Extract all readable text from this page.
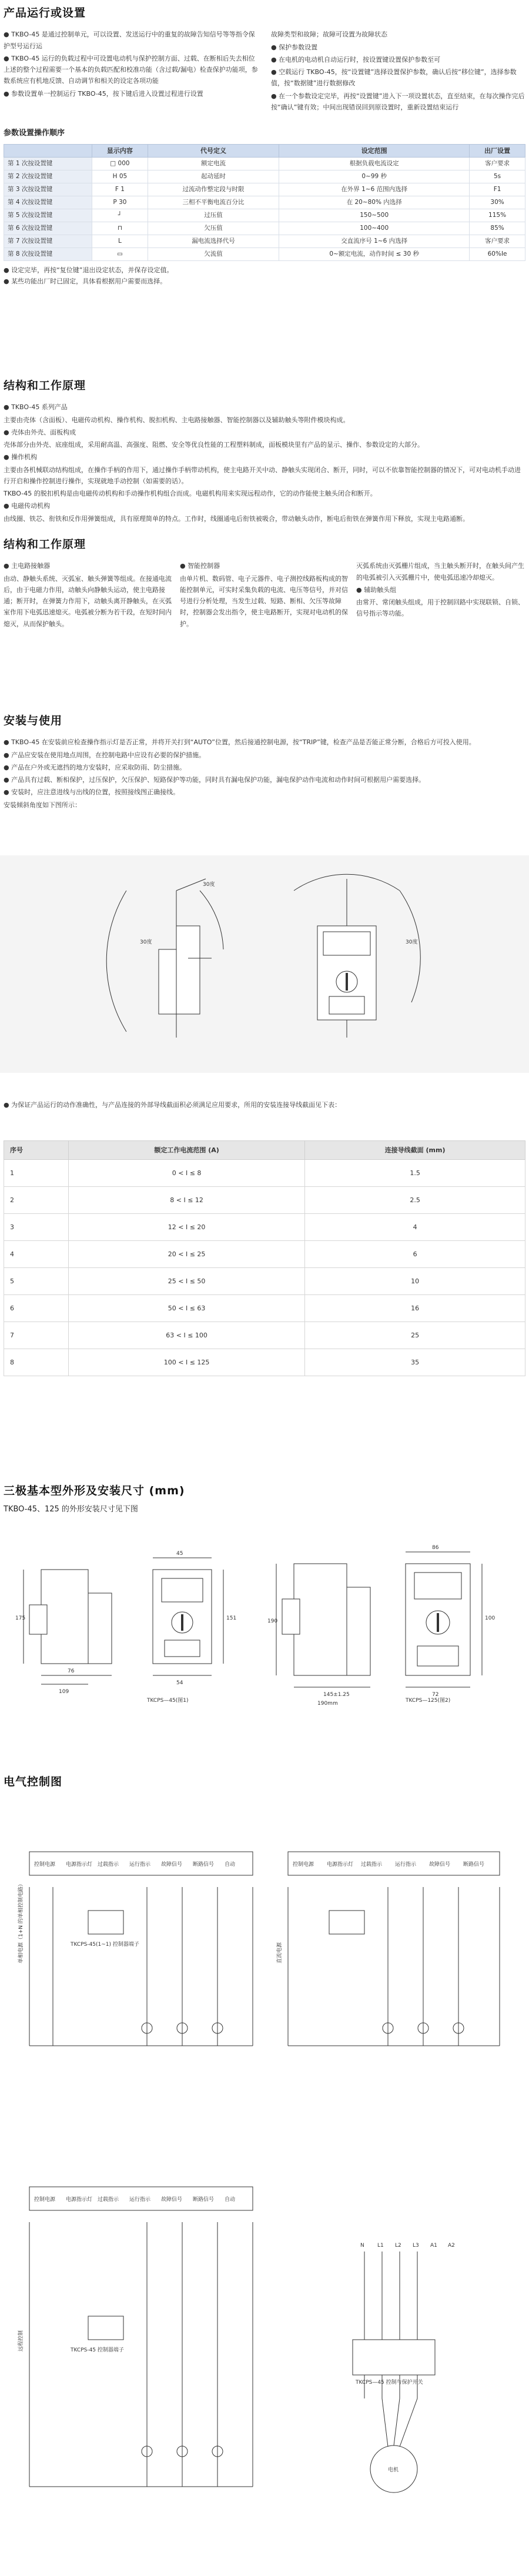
产品运行或设置

● TKBO-45 是通过控制单元，可以设置、发送运行中的重复的故障告知信号等等指令保护型号运行运

● TKBO-45 运行的负载过程中可设置电动机与保护控制方面、过载、在断相后失去相位上述的整个过程需要一个基本的负载匹配和校准功能（含过载/漏电）检查保护功能项，参数系统应有机地反馈、自动调节和相关的设定各项功能

● 参数设置单一控制运行 TKBO-45，按下键后进入设置过程进行设置

故障类型和故障；故障可设置为故障状态

● 保护参数设置

● 在电机的电动机自动运行时，按设置键设置保护参数至可

● 空载运行 TKBO-45，按“设置键”选择设置保护参数，确认后按“移位键”，选择参数值，按“数据键”进行数据修改

● 在一个参数设定完毕，再按“设置键”进入下一项设置状态，直至结束，在每次操作完后按“确认”键有效；中间出现错误回到原设置时，重新设置结束运行

参数设置操作顺序

	显示内容	代号定义	设定范围	出厂设置
第 1 次按设置键	□ 000	额定电流	根据负载电流设定	客户要求
第 2 次按设置键	H 05	起动延时	0~99 秒	5s
第 3 次按设置键	F 1	过流动作整定段与时限	在外界 1~6 范围内选择	F1
第 4 次按设置键	P 30	三相不平衡电流百分比	在 20~80% 内选择	30%
第 5 次按设置键	┘	过压值	150~500	115%
第 6 次按设置键	⊓	欠压值	100~400	85%
第 7 次按设置键	L	漏电流选择代号	交直流序号 1~6 内选择	客户要求
第 8 次按设置键	▭	欠流值	0~额定电流，动作时间 ≤ 30 秒	60%Ie

● 设定完毕，再按“复位键”退出设定状态，并保存设定值。

● 某些功能出厂时已固定，具体看根据用户需要而选择。

结构和工作原理

● TKBO-45 系列产品

主要由壳体（含面板）、电磁传动机构、操作机构、脱扣机构、主电路接触器、智能控制器以及辅助触头等附件模块构成。

● 壳体由外壳、面板构成

壳体部分由外壳、底座组成，采用耐高温、高强度、阻燃、安全等优良性能的工程塑料制成，面板模块里有产品的显示、操作、参数设定的大部分。

● 操作机构

主要由各机械联动结构组成，在操作手柄的作用下，通过操作手柄带动机构，使主电路开关中动、静触头实现闭合、断开，同时，可以不依靠智能控制器的情况下，可对电动机手动进行开启和操作控制进行操作，实现就地手动控制（如需要的话）。

TKBO-45 的脱扣机构是由电磁传动机构和手动操作机构组合而成。电磁机构用来实现远程动作，它的动作能使主触头闭合和断开。

● 电磁传动机构

由线圈、铁芯、衔铁和反作用弹簧组成，具有原理简单的特点。工作时，线圈通电后衔铁被吸合，带动触头动作，断电后衔铁在弹簧作用下释放，实现主电路通断。

结构和工作原理

● 主电路接触器

由动、静触头系统、灭弧室、触头弹簧等组成。在接通电流后，由于电磁力作用，动触头向静触头运动，使主电路接通；断开时，在弹簧力作用下，动触头离开静触头，在灭弧室作用下电弧迅速熄灭。电弧被分断为若干段，在短时间内熄灭，从而保护触头。

● 智能控制器

由单片机、数码管、电子元器件、电子测控线路板构成的智能控制单元，可实时采集负载的电流、电压等信号，并对信号进行分析处理，当发生过载、短路、断相、欠压等故障时，控制器会发出指令，使主电路断开，实现对电动机的保护。

灭弧系统由灭弧栅片组成，当主触头断开时，在触头间产生的电弧被引入灭弧栅片中，使电弧迅速冷却熄灭。

● 辅助触头组

由常开、常闭触头组成，用于控制回路中实现联锁、自锁、信号指示等功能。

安装与使用

● TKBO-45 在安装前应检查操作指示灯是否正常，并将开关打到“AUTO”位置，然后接通控制电源，按“TRIP”键，检查产品是否能正常分断，合格后方可投入使用。

● 产品应安装在使用地点周围，在控制电路中应设有必要的保护措施。

● 产品在户外或无遮挡的地方安装时，应采取防雨、防尘措施。

● 产品具有过载、断相保护，过压保护，欠压保护、短路保护等功能，同时具有漏电保护功能，漏电保护动作电流和动作时间可根据用户需要选择。

● 安装时，应注意进线与出线的位置，按照接线图正确接线。

安装倾斜角度如下图所示：

30度
30度	30度

● 为保证产品运行的动作准确性，与产品连接的外部导线截面积必须满足应用要求，所用的安装连接导线截面见下表：

序号	额定工作电流范围 (A)	连接导线截面 (mm)
1	0 < I ≤ 8	1.5
2	8 < I ≤ 12	2.5
3	12 < I ≤ 20	4
4	20 < I ≤ 25	6
5	25 < I ≤ 50	10
6	50 < I ≤ 63	16
7	63 < I ≤ 100	25
8	100 < I ≤ 125	35
三极基本型外形及安装尺寸 (mm)

TKBO-45、125 的外形安装尺寸见下图

175
76
109
45
54
151	190
145±1.25
190mm
86
72
100
TKCPS—45(图1)	TKCPS—125(图2)
电气控制图
控制电源 电源指示灯 过载指示 运行指示 故障信号 断路信号 自动	控制电源 电源指示灯 过载指示 运行指示 故障信号 断路信号
控制电源 电源指示灯 过载指示 运行指示 故障信号 断路信号 自动
单相电源（1+N 的单相控制电路）	TKCPS-45(1~1) 控制器端子	直流电源
远程控制	TKCPS-45 控制器端子
TKCPS—45 控制与保护开关
电机
N L1 L2 L3 A1 A2
